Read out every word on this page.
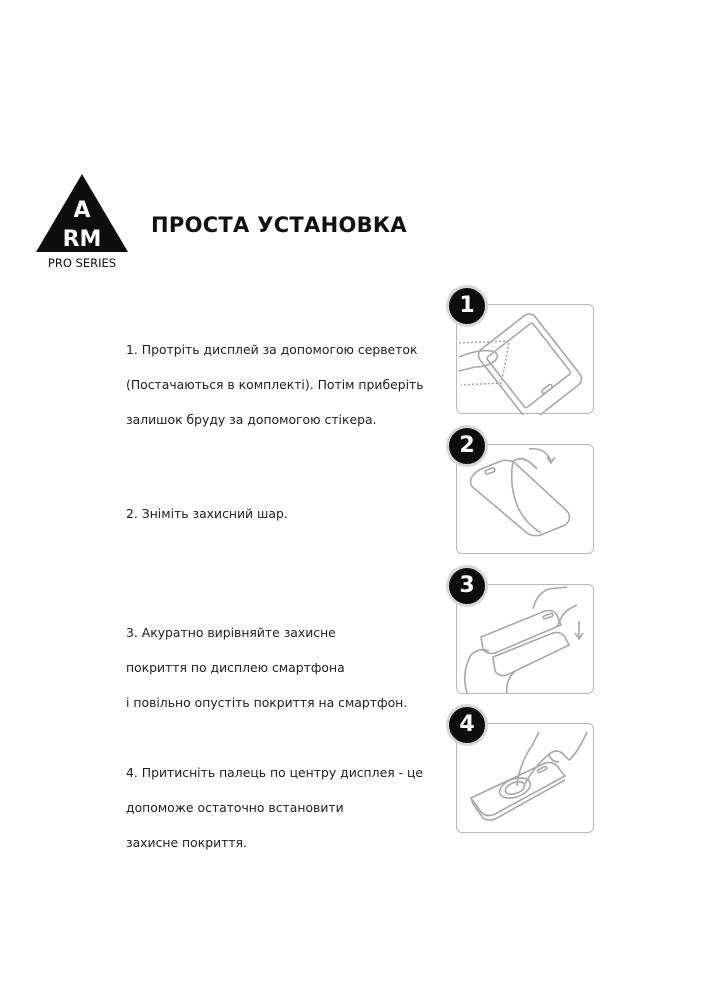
A
RM
PRO SERIES
ПРОСТА УСТАНОВКА

1. Протріть дисплей за допомогою серветок

(Постачаються в комплекті). Потім приберіть

залишок бруду за допомогою стікера.

1

2. Зніміть захисний шар.

2

3. Акуратно вирівняйте захисне

покриття по дисплею смартфона

і повільно опустіть покриття на смартфон.

3

4. Притисніть палець по центру дисплея - це

допоможе остаточно встановити

захисне покриття.

4
